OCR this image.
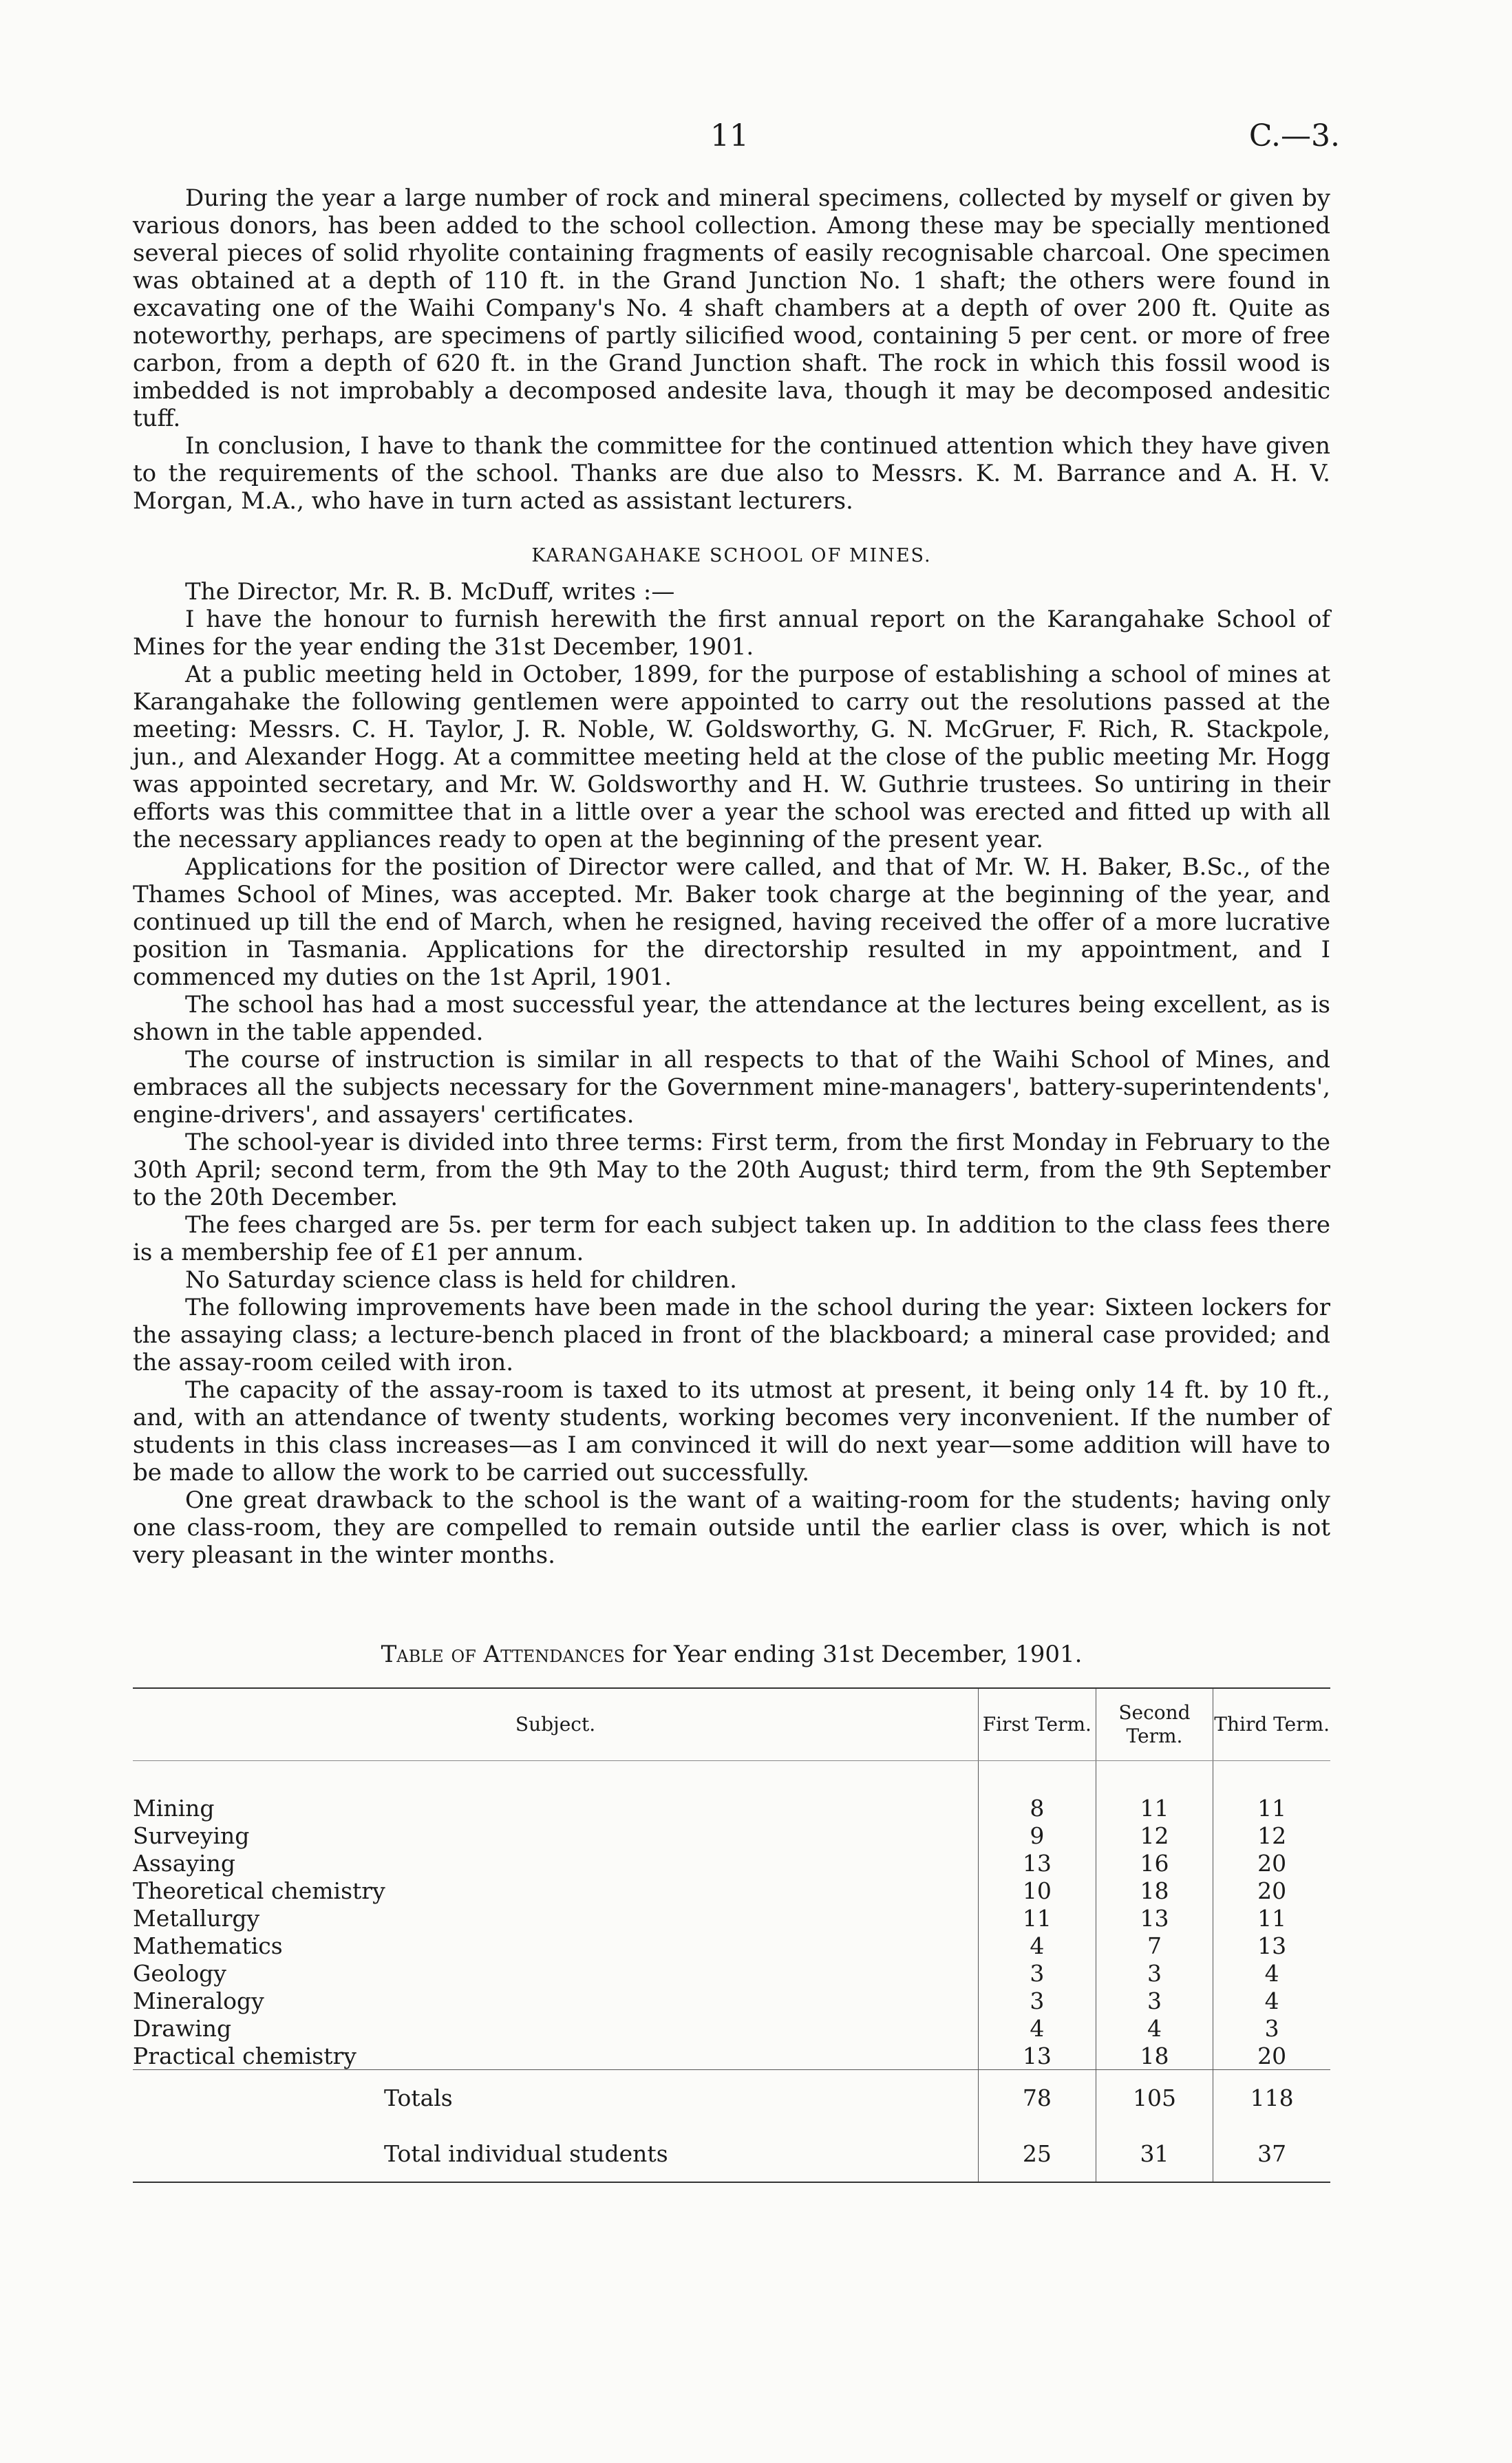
11	C.—3.

During the year a large number of rock and mineral specimens, collected by myself or given by various donors, has been added to the school collection. Among these may be specially mentioned several pieces of solid rhyolite containing fragments of easily recognisable charcoal. One specimen was obtained at a depth of 110 ft. in the Grand Junction No. 1 shaft; the others were found in excavating one of the Waihi Company's No. 4 shaft chambers at a depth of over 200 ft. Quite as noteworthy, perhaps, are specimens of partly silicified wood, containing 5 per cent. or more of free carbon, from a depth of 620 ft. in the Grand Junction shaft. The rock in which this fossil wood is imbedded is not improbably a decomposed andesite lava, though it may be decomposed andesitic tuff.

In conclusion, I have to thank the committee for the continued attention which they have given to the requirements of the school. Thanks are due also to Messrs. K. M. Barrance and A. H. V. Morgan, M.A., who have in turn acted as assistant lecturers.

KARANGAHAKE SCHOOL OF MINES.

The Director, Mr. R. B. McDuff, writes :—

I have the honour to furnish herewith the first annual report on the Karangahake School of Mines for the year ending the 31st December, 1901.

At a public meeting held in October, 1899, for the purpose of establishing a school of mines at Karangahake the following gentlemen were appointed to carry out the resolutions passed at the meeting: Messrs. C. H. Taylor, J. R. Noble, W. Goldsworthy, G. N. McGruer, F. Rich, R. Stackpole, jun., and Alexander Hogg. At a committee meeting held at the close of the public meeting Mr. Hogg was appointed secretary, and Mr. W. Goldsworthy and H. W. Guthrie trustees. So untiring in their efforts was this committee that in a little over a year the school was erected and fitted up with all the necessary appliances ready to open at the beginning of the present year.

Applications for the position of Director were called, and that of Mr. W. H. Baker, B.Sc., of the Thames School of Mines, was accepted. Mr. Baker took charge at the beginning of the year, and continued up till the end of March, when he resigned, having received the offer of a more lucrative position in Tasmania. Applications for the directorship resulted in my appointment, and I commenced my duties on the 1st April, 1901.

The school has had a most successful year, the attendance at the lectures being excellent, as is shown in the table appended.

The course of instruction is similar in all respects to that of the Waihi School of Mines, and embraces all the subjects necessary for the Government mine-managers', battery-superintendents', engine-drivers', and assayers' certificates.

The school-year is divided into three terms: First term, from the first Monday in February to the 30th April; second term, from the 9th May to the 20th August; third term, from the 9th September to the 20th December.

The fees charged are 5s. per term for each subject taken up. In addition to the class fees there is a membership fee of £1 per annum.

No Saturday science class is held for children.

The following improvements have been made in the school during the year: Sixteen lockers for the assaying class; a lecture-bench placed in front of the blackboard; a mineral case provided; and the assay-room ceiled with iron.

The capacity of the assay-room is taxed to its utmost at present, it being only 14 ft. by 10 ft., and, with an attendance of twenty students, working becomes very inconvenient. If the number of students in this class increases—as I am convinced it will do next year—some addition will have to be made to allow the work to be carried out successfully.

One great drawback to the school is the want of a waiting-room for the students; having only one class-room, they are compelled to remain outside until the earlier class is over, which is not very pleasant in the winter months.

Table of Attendances for Year ending 31st December, 1901.
Subject.	First Term.	Second Term.	Third Term.

Mining	8	11	11
Surveying	9	12	12
Assaying	13	16	20
Theoretical chemistry	10	18	20
Metallurgy	11	13	11
Mathematics	4	7	13
Geology	3	3	4
Mineralogy	3	3	4
Drawing	4	4	3
Practical chemistry	13	18	20
Totals	78	105	118
Total individual students	25	31	37
